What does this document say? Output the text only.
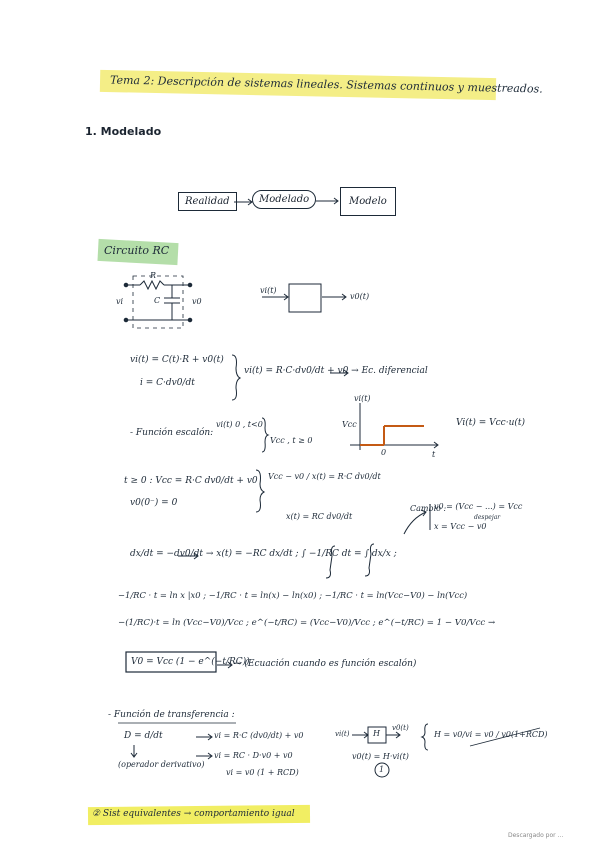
Tema 2: Descripción de sistemas lineales. Sistemas continuos y muestreados.
1. Modelado
Realidad	Modelado	Modelo
Circuito RC
R
C
vi	v0
vi(t)
v0(t)
vi(t) = C(t)·R + v0(t)
i = C·dv0/dt
vi(t) = R·C·dv0/dt + v0 → Ec. diferencial
- Función escalón:
vi(t) 0 , t<0
Vcc , t ≥ 0
vi(t)
Vcc
t
0
Vi(t) = Vcc·u(t)
t ≥ 0 : Vcc = R·C dv0/dt + v0
v0(0⁻) = 0
Vcc − v0 / x(t) = R·C dv0/dt
x(t) = RC dv0/dt
Cambio :
v0 = (Vcc − ...) = Vcc
despejar
x = Vcc − v0
dx/dt = −dv0/dt → x(t) = −RC dx/dt ; ∫ −1/RC dt = ∫ dx/x ;
−1/RC · t = ln x |x0 ; −1/RC · t = ln(x) − ln(x0) ; −1/RC · t = ln(Vcc−V0) − ln(Vcc)
−(1/RC)·t = ln (Vcc−V0)/Vcc ; e^(−t/RC) = (Vcc−V0)/Vcc ; e^(−t/RC) = 1 − V0/Vcc →
V0 = Vcc (1 − e^(−t/RC))
→ (Ecuación cuando es función escalón)
- Función de transferencia :
D = d/dt
(operador derivativo)
vi = R·C (dv0/dt) + v0
vi = RC · D·v0 + v0
vi = v0 (1 + RCD)
vi(t)	H
v0(t)
v0(t) = H·vi(t)
1
H = v0/vi = v0 / v0(1+RCD)
② Sist equivalentes → comportamiento igual
Descargado por ...
